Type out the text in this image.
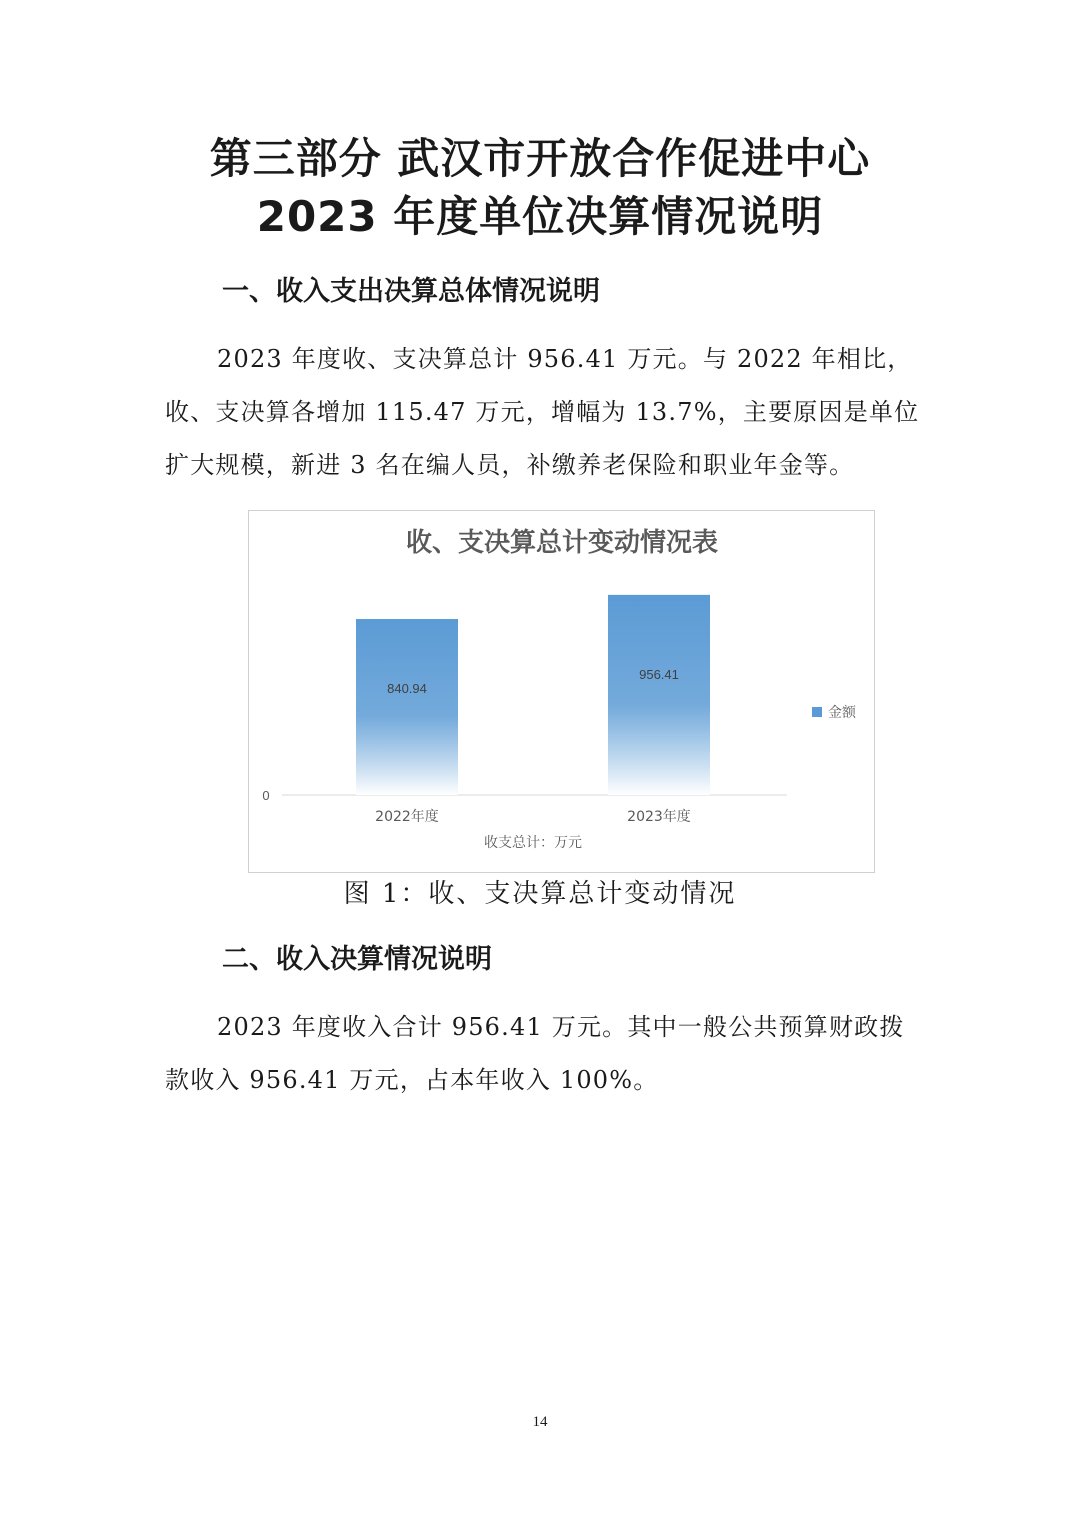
第三部分 武汉市开放合作促进中心
2023 年度单位决算情况说明
一、收入支出决算总体情况说明
2023 年度收、支决算总计 956.41 万元。与 2022 年相比，收、支决算各增加 115.47 万元，增幅为 13.7%，主要原因是单位扩大规模，新进 3 名在编人员，补缴养老保险和职业年金等。
收、支决算总计变动情况表
0
840.94
2022年度
956.41
2023年度
收支总计：万元
金额
图 1：收、支决算总计变动情况
二、收入决算情况说明
2023 年度收入合计 956.41 万元。其中一般公共预算财政拨款收入 956.41 万元，占本年收入 100%。
14
